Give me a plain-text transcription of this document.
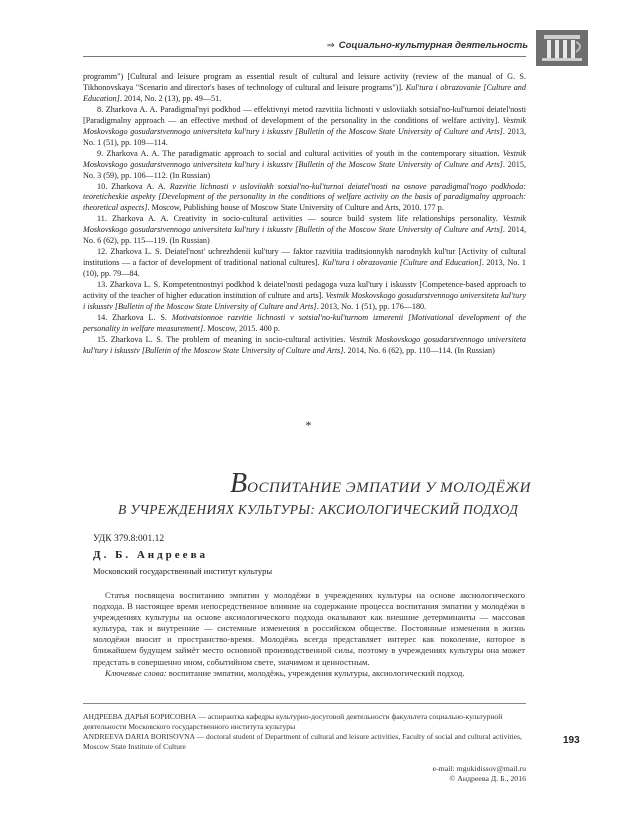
⇒ Социально-культурная деятельность

programm") [Cultural and leisure program as essential result of cultural and leisure activity (review of the manual of G. S. Tikhonovskaya "Scenario and director's bases of technology of cultural and leisure programs")]. Kul'tura i obrazovanie [Culture and Education]. 2014, No. 2 (13), pp. 49—51.

8. Zharkova A. A. Paradigmal'nyi podkhod — effektivnyi metod razvitiia lichnosti v usloviiakh sotsial'no-kul'turnoi deiatel'nosti [Paradigmalny approach — an effective method of development of the personality in the conditions of welfare activity]. Vestnik Moskovskogo gosudarstvennogo universiteta kul'tury i iskusstv [Bulletin of the Moscow State University of Culture and Arts]. 2013, No. 1 (51), pp. 109—114.

9. Zharkova A. A. The paradigmatic approach to social and cultural activities of youth in the contemporary situation. Vestnik Moskovskogo gosudarstvennogo universiteta kul'tury i iskusstv [Bulletin of the Moscow State University of Culture and Arts]. 2015, No. 3 (59), pp. 106—112. (In Russian)

10. Zharkova A. A. Razvitie lichnosti v usloviiakh sotsial'no-kul'turnoi deiatel'nosti na osnove paradigmal'nogo podkhoda: teoreticheskie aspekty [Development of the personality in the conditions of welfare activity on the basis of paradigmalny approach: theoretical aspects]. Moscow, Publishing house of Moscow State University of Culture and Arts, 2010. 177 p.

11. Zharkova A. A. Creativity in socio-cultural activities — source build system life relationships personality. Vestnik Moskovskogo gosudarstvennogo universiteta kul'tury i iskusstv [Bulletin of the Moscow State University of Culture and Arts]. 2014, No. 6 (62), pp. 115—119. (In Russian)

12. Zharkova L. S. Deiatel'nost' uchrezhdenii kul'tury — faktor razvitiia traditsionnykh narodnykh kul'tur [Activity of cultural institutions — a factor of development of traditional national cultures]. Kul'tura i obrazovanie [Culture and Education]. 2013, No. 1 (10), pp. 79—84.

13. Zharkova L. S. Kompetentnostnyi podkhod k deiatel'nosti pedagoga vuza kul'tury i iskusstv [Competence-based approach to activity of the teacher of higher education institution of culture and arts]. Vestnik Moskovskogo gosudarstvennogo universiteta kul'tury i iskusstv [Bulletin of the Moscow State University of Culture and Arts]. 2013, No. 1 (51), pp. 176—180.

14. Zharkova L. S. Motivatsionnoe razvitie lichnosti v sotsial'no-kul'turnom izmerenii [Motivational development of the personality in welfare measurement]. Moscow, 2015. 400 p.

15. Zharkova L. S. The problem of meaning in socio-cultural activities. Vestnik Moskovskogo gosudarstvennogo universiteta kul'tury i iskusstv [Bulletin of the Moscow State University of Culture and Arts]. 2014, No. 6 (62), pp. 110—114. (In Russian)

*
ВОСПИТАНИЕ ЭМПАТИИ У МОЛОДЁЖИ
В УЧРЕЖДЕНИЯХ КУЛЬТУРЫ: АКСИОЛОГИЧЕСКИЙ ПОДХОД
УДК 379.8:001.12
Д. Б. Андреева
Московский государственный институт культуры

Статья посвящена воспитанию эмпатии у молодёжи в учреждениях культуры на основе аксиологического подхода. В настоящее время непосредственное влияние на содержание процесса воспитания эмпатии у молодёжи в учреждениях культуры на основе аксиологического подхода оказывают как внешние детерминанты — массовая культура, так и внутренние — системные изменения в российском обществе. Постоянные изменения в жизнь молодёжи вносит и пространство-время. Молодёжь всегда представляет интерес как поколение, которое в ближайшем будущем займёт место основной производственной силы, поэтому в учреждениях культуры она может предстать в совершенно ином, событийном свете, значимом и ценностным.

Ключевые слова: воспитание эмпатии, молодёжь, учреждения культуры, аксиологический подход.

АНДРЕЕВА ДАРЬЯ БОРИСОВНА — аспирантка кафедры культурно-досуговой деятельности факультета социально-культурной деятельности Московского государственного института культуры

ANDREEVA DARIA BORISOVNA — doctoral student of Department of cultural and leisure activities, Faculty of social and cultural activities, Moscow State Institute of Culture

193
e-mail: mgukidissov@mail.ru
© Андреева Д. Б., 2016
